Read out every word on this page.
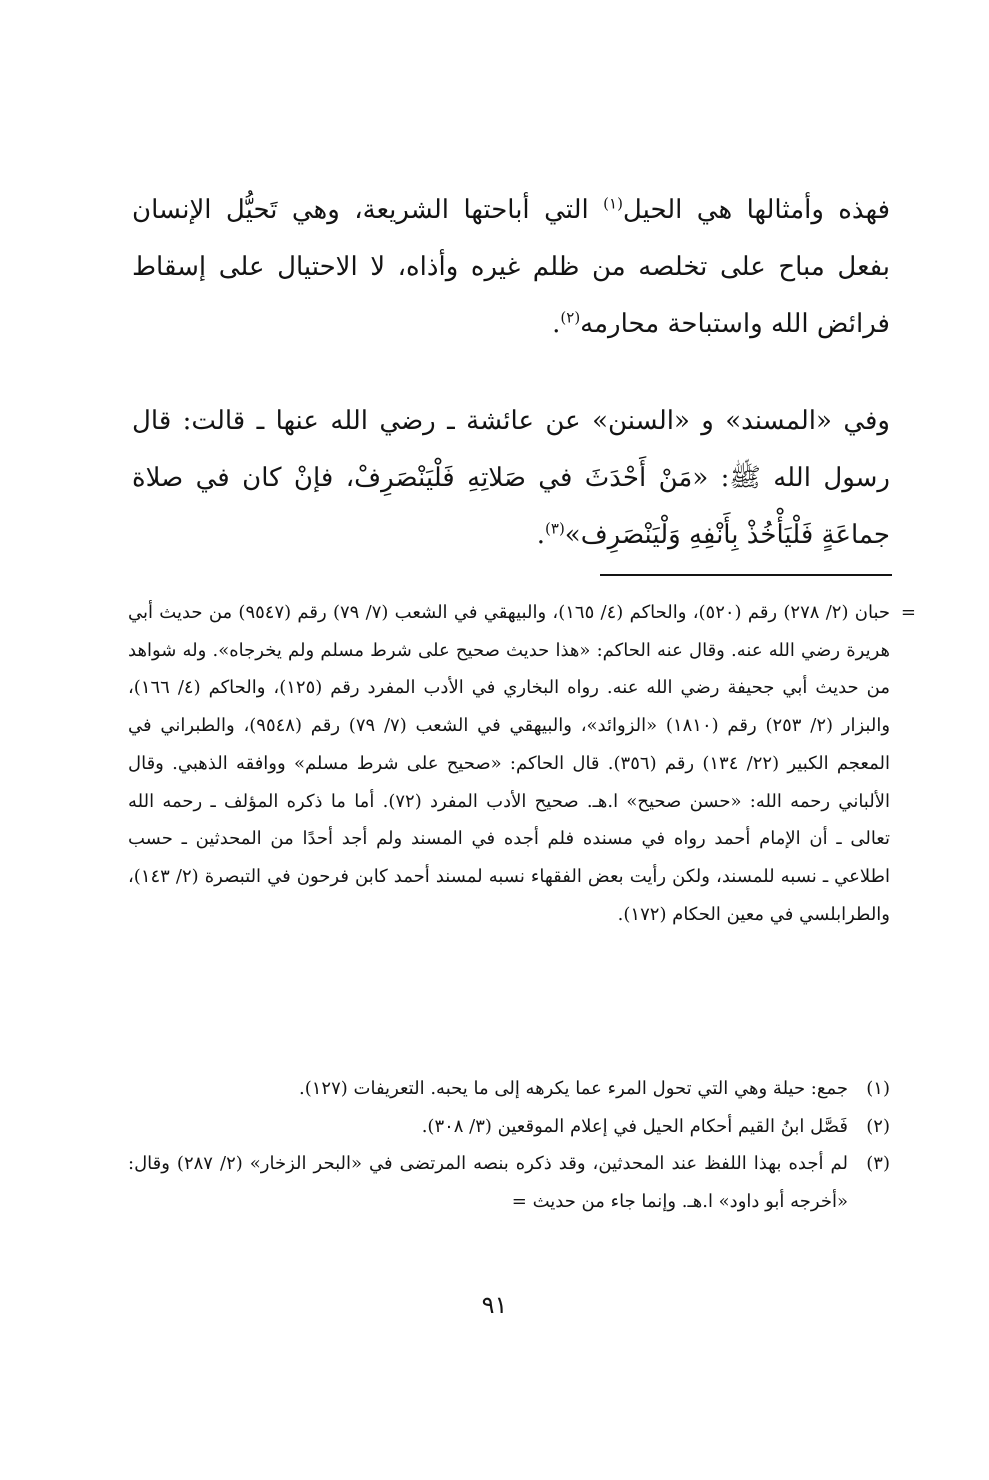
فهذه وأمثالها هي الحيل$^{(١)}$ التي أباحتها الشريعة، وهي تَحيُّل الإنسان بفعل مباح على تخلصه من ظلم غيره وأذاه، لا الاحتيال على إسقاط فرائض الله واستباحة محارمه$^{(٢)}$.

وفي «المسند» و «السنن» عن عائشة ـ رضي الله عنها ـ قالت: قال رسول الله ﷺ: «مَنْ أَحْدَثَ في صَلاتِهِ فَلْيَنْصَرِفْ، فإنْ كان في صلاة جماعَةٍ فَلْيَأْخُذْ بِأَنْفِهِ وَلْيَنْصَرِف»$^{(٣)}$.

=
حبان (٢/ ٢٧٨) رقم (٥٢٠)، والحاكم (٤/ ١٦٥)، والبيهقي في الشعب (٧/ ٧٩) رقم (٩٥٤٧) من حديث أبي هريرة رضي الله عنه. وقال عنه الحاكم: «هذا حديث صحيح على شرط مسلم ولم يخرجاه». وله شواهد من حديث أبي جحيفة رضي الله عنه. رواه البخاري في الأدب المفرد رقم (١٢٥)، والحاكم (٤/ ١٦٦)، والبزار (٢/ ٢٥٣) رقم (١٨١٠) «الزوائد»، والبيهقي في الشعب (٧/ ٧٩) رقم (٩٥٤٨)، والطبراني في المعجم الكبير (٢٢/ ١٣٤) رقم (٣٥٦). قال الحاكم: «صحيح على شرط مسلم» ووافقه الذهبي. وقال الألباني رحمه الله: «حسن صحيح» ا.هـ. صحيح الأدب المفرد (٧٢). أما ما ذكره المؤلف ـ رحمه الله تعالى ـ أن الإمام أحمد رواه في مسنده فلم أجده في المسند ولم أجد أحدًا من المحدثين ـ حسب اطلاعي ـ نسبه للمسند، ولكن رأيت بعض الفقهاء نسبه لمسند أحمد كابن فرحون في التبصرة (٢/ ١٤٣)، والطرابلسي في معين الحكام (١٧٢).
(١)
جمع: حيلة وهي التي تحول المرء عما يكرهه إلى ما يحبه. التعريفات (١٢٧).
(٢)
فَصَّل ابنُ القيم أحكام الحيل في إعلام الموقعين (٣/ ٣٠٨).
(٣)
لم أجده بهذا اللفظ عند المحدثين، وقد ذكره بنصه المرتضى في «البحر الزخار» (٢/ ٢٨٧) وقال: «أخرجه أبو داود» ا.هـ. وإنما جاء من حديث =
٩١
